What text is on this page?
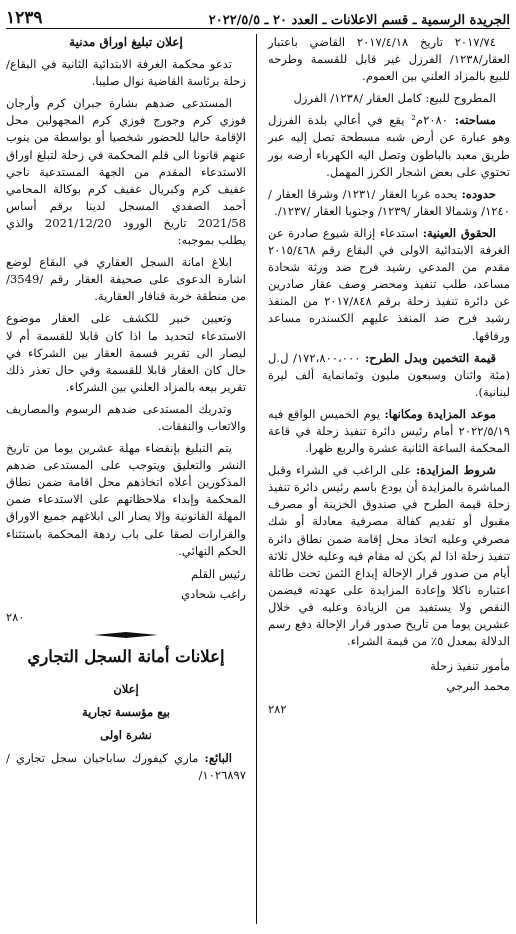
الجريدة الرسمية ـ قسم الاعلانات ـ العدد ٢٠ ـ ٢٠٢٢/٥/٥
١٢٣٩

٢٠١٧/٧٤ تاريخ ٢٠١٧/٤/١٨ القاضي باعتبار العقار/١٢٣٨/ الفرزل غير قابل للقسمة وطرحه للبيع بالمزاد العلني بين العموم.

المطروح للبيع: كامل العقار /١٢٣٨/ الفرزل

مساحته: ٢٠٨٠م² يقع في أعالي بلدة الفرزل وهو عبارة عن أرض شبه مسطحة تصل إليه عبر طريق معبد بالباطون وتصل اليه الكهرباء أرضه بور تحتوي على بعض اشجار الكرز المهمل.

حدوده: يحده غربا العقار /١٢٣١/ وشرقا العقار /١٢٤٠/ وشمالا العقار /١٢٣٩/ وجنوبا العقار /١٢٣٧/.

الحقوق العينية: استدعاء إزالة شيوع صادرة عن الغرفة الابتدائية الاولى في البقاع رقم ٢٠١٥/٤٦٨ مقدم من المدعي رشيد فرح ضد ورثة شحادة مساعد، طلب تنفيذ ومحضر وصف عقار صادرين عن دائرة تنفيذ زحلة برقم ٢٠١٧/٨٤٨ من المنفذ رشيد فرح ضد المنفذ عليهم الكسندره مساعد ورفاقها.

قيمة التخمين وبدل الطرح: ١٧٢،٨٠٠،٠٠٠/ ل.ل (مئة واثنان وسبعون مليون وثمانماية ألف ليرة لبنانية).

موعد المزايدة ومكانها: يوم الخميس الواقع فيه ٢٠٢٢/٥/١٩ أمام رئيس دائرة تنفيذ زحلة في قاعة المحكمة الساعة الثانية عشرة والربع ظهرا.

شروط المزايدة: على الراغب في الشراء وقبل المباشرة بالمزايدة أن يودع باسم رئيس دائرة تنفيذ زحلة قيمة الطرح في صندوق الخزينة أو مصرف مقبول أو تقديم كفالة مصرفية معادلة أو شك مصرفي وعليه اتخاذ محل إقامة ضمن نطاق دائرة تنفيذ زحلة اذا لم يكن له مقام فيه وعليه خلال ثلاثة أيام من صدور قرار الإحالة إيداع الثمن تحت طائلة اعتباره ناكلا وإعادة المزايدة على عهدته فيضمن النقص ولا يستفيد من الزيادة وعليه في خلال عشرين يوما من تاريخ صدور قرار الإحالة دفع رسم الدلالة بمعدل ٥٪ من قيمة الشراء.

مأمور تنفيذ زحلة

محمد البرجي

٢٨٢

إعلان تبليغ اوراق مدنية

تدعو محكمة الغرفة الابتدائية الثانية في البقاع/ زحلة برئاسة القاضية نوال صليبا.

المستدعى ضدهم بشارة جبران كرم وأرجان فوزي كرم وجورج فوزي كرم المجهولين محل الإقامة حاليا للحضور شخصيا أو بواسطة من ينوب عنهم قانونا الى قلم المحكمة في زحلة لتبلغ اوراق الاستدعاء المقدم من الجهة المستدعية ناجي عفيف كرم وكبريال عفيف كرم بوكالة المحامي أحمد الصفدي المسجل لدينا برقم أساس 2021/58 تاريخ الورود 2021/12/20 والذي يطلب بموجبه:

ابلاغ امانة السجل العقاري في البقاع لوضع اشارة الدعوى على صحيفة العقار رقم /3549/ من منطقة خربة قنافار العقارية.

وتعيين خبير للكشف على العقار موضوع الاستدعاء لتحديد ما اذا كان قابلا للقسمة أم لا ليصار الى تقرير قسمة العقار بين الشركاء في حال كان العقار قابلا للقسمة وفي حال تعذر ذلك تقرير بيعه بالمزاد العلني بين الشركاء.

وتدريك المستدعى ضدهم الرسوم والمصاريف والاتعاب والنفقات.

يتم التبليغ بإنقضاء مهلة عشرين يوما من تاريخ النشر والتعليق ويتوجب على المستدعى ضدهم المذكورين أعلاه اتخاذهم محل اقامة ضمن نطاق المحكمة وإبداء ملاحظاتهم على الاستدعاء ضمن المهلة القانونية وإلا يصار الى ابلاغهم جميع الاوراق والقرارات لصقا على باب ردهة المحكمة باستثناء الحكم النهائي.

رئيس القلم

راغب شحادي

٢٨٠

إعلانات أمانة السجل التجاري

إعلان

بيع مؤسسة تجارية

نشرة اولى

البائع: ماري كيفورك ساباجيان سجل تجاري /١٠٢٦٨٩٧/
